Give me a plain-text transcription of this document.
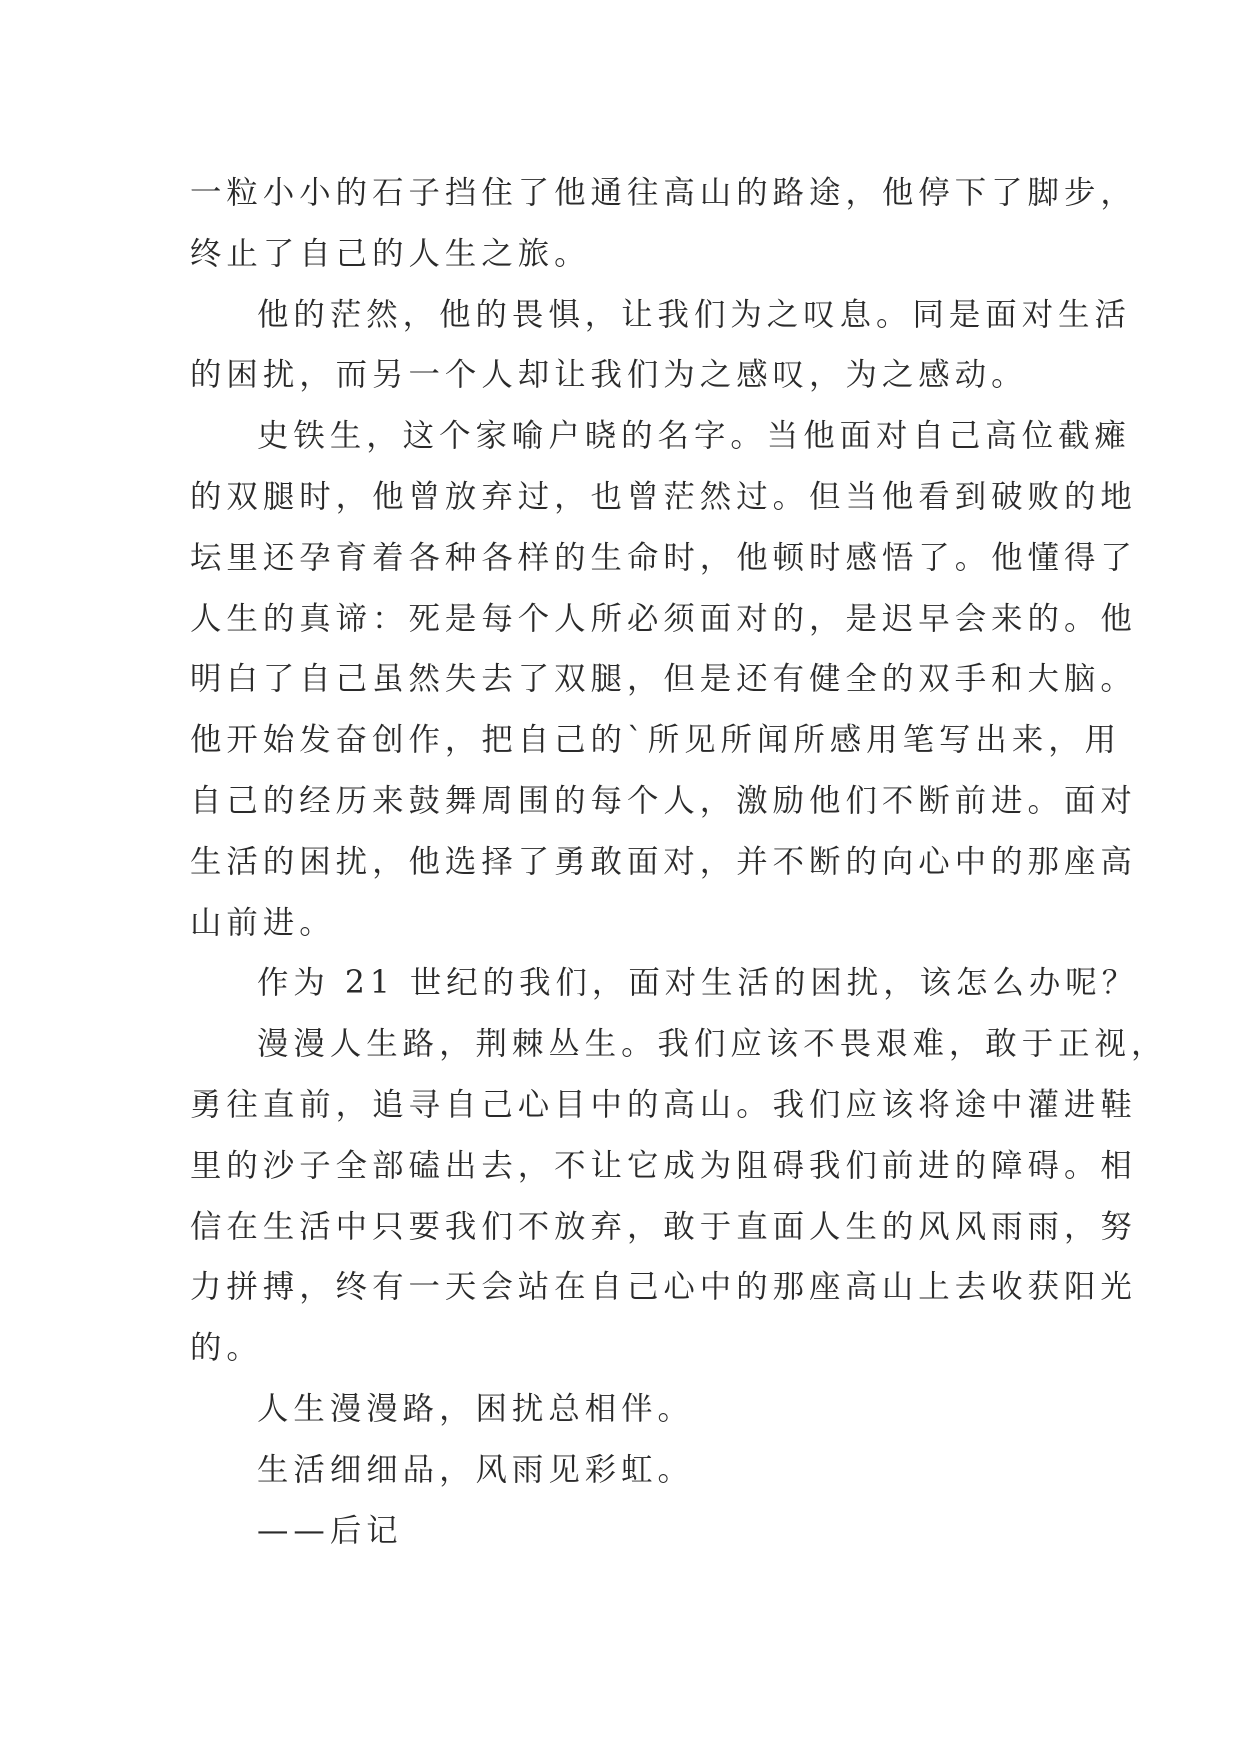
一粒小小的石子挡住了他通往高山的路途，他停下了脚步，
终止了自己的人生之旅。
他的茫然，他的畏惧，让我们为之叹息。同是面对生活
的困扰，而另一个人却让我们为之感叹，为之感动。
史铁生，这个家喻户晓的名字。当他面对自己高位截瘫
的双腿时，他曾放弃过，也曾茫然过。但当他看到破败的地
坛里还孕育着各种各样的生命时，他顿时感悟了。他懂得了
人生的真谛：死是每个人所必须面对的，是迟早会来的。他
明白了自己虽然失去了双腿，但是还有健全的双手和大脑。
他开始发奋创作，把自己的`所见所闻所感用笔写出来，用
自己的经历来鼓舞周围的每个人，激励他们不断前进。面对
生活的困扰，他选择了勇敢面对，并不断的向心中的那座高
山前进。
作为 21 世纪的我们，面对生活的困扰，该怎么办呢？
漫漫人生路，荆棘丛生。我们应该不畏艰难，敢于正视，
勇往直前，追寻自己心目中的高山。我们应该将途中灌进鞋
里的沙子全部磕出去，不让它成为阻碍我们前进的障碍。相
信在生活中只要我们不放弃，敢于直面人生的风风雨雨，努
力拼搏，终有一天会站在自己心中的那座高山上去收获阳光
的。
人生漫漫路，困扰总相伴。
生活细细品，风雨见彩虹。
——后记
